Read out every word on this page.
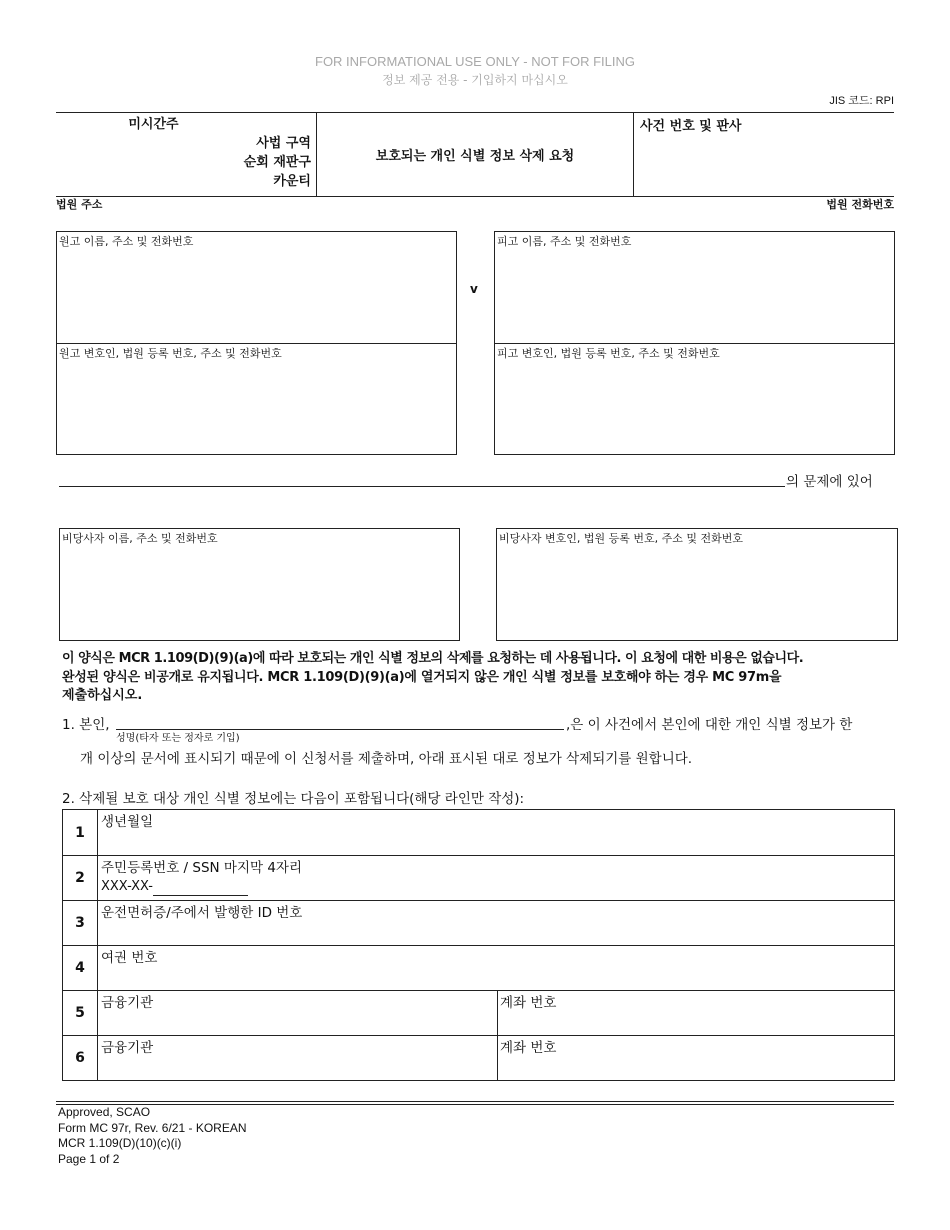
FOR INFORMATIONAL USE ONLY - NOT FOR FILING
정보 제공 전용 - 기입하지 마십시오
JIS 코드: RPI
미시간주
사법 구역
순회 재판구
카운티
보호되는 개인 식별 정보 삭제 요청
사건 번호 및 판사
법원 주소	법원 전화번호
원고 이름, 주소 및 전화번호
원고 변호인, 법원 등록 번호, 주소 및 전화번호
v
피고 이름, 주소 및 전화번호
피고 변호인, 법원 등록 번호, 주소 및 전화번호
의 문제에 있어
비당사자 이름, 주소 및 전화번호	비당사자 변호인, 법원 등록 번호, 주소 및 전화번호
이 양식은 MCR 1.109(D)(9)(a)에 따라 보호되는 개인 식별 정보의 삭제를 요청하는 데 사용됩니다. 이 요청에 대한 비용은 없습니다.
완성된 양식은 비공개로 유지됩니다. MCR 1.109(D)(9)(a)에 열거되지 않은 개인 식별 정보를 보호해야 하는 경우 MC 97m을
제출하십시오.
1. 본인,
성명(타자 또는 정자로 기입)
,은 이 사건에서 본인에 대한 개인 식별 정보가 한
개 이상의 문서에 표시되기 때문에 이 신청서를 제출하며, 아래 표시된 대로 정보가 삭제되기를 원합니다.
2. 삭제될 보호 대상 개인 식별 정보에는 다음이 포함됩니다(해당 라인만 작성):
1
생년월일
2
주민등록번호 / SSN 마지막 4자리
XXX-XX-
3
운전면허증/주에서 발행한 ID 번호
4
여권 번호
5
금융기관	계좌 번호
6
금융기관	계좌 번호
Approved, SCAO
Form MC 97r, Rev. 6/21 - KOREAN
MCR 1.109(D)(10)(c)(i)
Page 1 of 2
